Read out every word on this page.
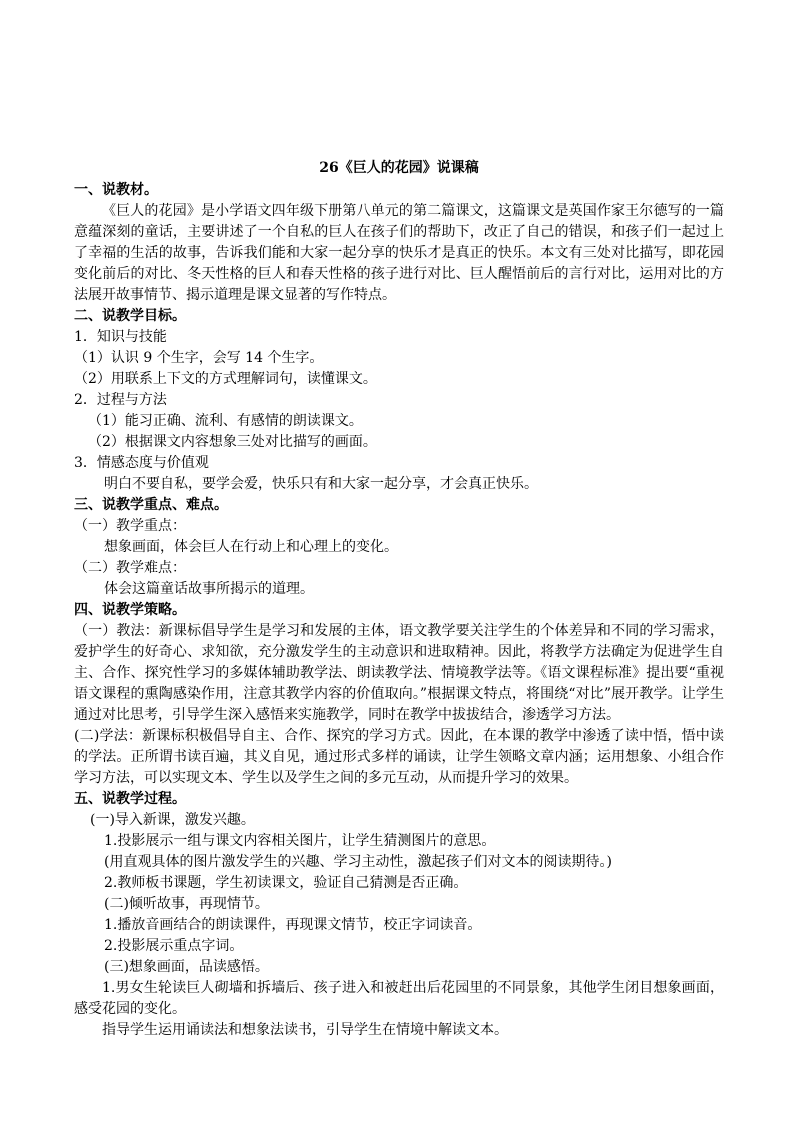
26《巨人的花园》说课稿

一、说教材。

《巨人的花园》是小学语文四年级下册第八单元的第二篇课文，这篇课文是英国作家王尔德写的一篇意蕴深刻的童话，主要讲述了一个自私的巨人在孩子们的帮助下，改正了自己的错误，和孩子们一起过上了幸福的生活的故事，告诉我们能和大家一起分享的快乐才是真正的快乐。本文有三处对比描写，即花园变化前后的对比、冬天性格的巨人和春天性格的孩子进行对比、巨人醒悟前后的言行对比，运用对比的方法展开故事情节、揭示道理是课文显著的写作特点。

二、说教学目标。

1．知识与技能

（1）认识 9 个生字，会写 14 个生字。

（2）用联系上下文的方式理解词句，读懂课文。

2．过程与方法

（1）能习正确、流利、有感情的朗读课文。

（2）根据课文内容想象三处对比描写的画面。

3．情感态度与价值观

明白不要自私，要学会爱，快乐只有和大家一起分享，才会真正快乐。

三、说教学重点、难点。

（一）教学重点：

想象画面，体会巨人在行动上和心理上的变化。

（二）教学难点：

体会这篇童话故事所揭示的道理。

四、说教学策略。

（一）教法：新课标倡导学生是学习和发展的主体，语文教学要关注学生的个体差异和不同的学习需求，爱护学生的好奇心、求知欲，充分激发学生的主动意识和进取精神。因此，将教学方法确定为促进学生自主、合作、探究性学习的多媒体辅助教学法、朗读教学法、情境教学法等。《语文课程标准》提出要“重视语文课程的熏陶感染作用，注意其教学内容的价值取向。”根据课文特点，将围绕“对比”展开教学。让学生通过对比思考，引导学生深入感悟来实施教学，同时在教学中拔拔结合，渗透学习方法。

(二)学法：新课标积极倡导自主、合作、探究的学习方式。因此，在本课的教学中渗透了读中悟，悟中读的学法。正所谓书读百遍，其义自见，通过形式多样的诵读，让学生领略文章内涵；运用想象、小组合作学习方法，可以实现文本、学生以及学生之间的多元互动，从而提升学习的效果。

五、说教学过程。

(一)导入新课，激发兴趣。

1.投影展示一组与课文内容相关图片，让学生猜测图片的意思。

(用直观具体的图片激发学生的兴趣、学习主动性，激起孩子们对文本的阅读期待。)

2.教师板书课题，学生初读课文，验证自己猜测是否正确。

(二)倾听故事，再现情节。

1.播放音画结合的朗读课件，再现课文情节，校正字词读音。

2.投影展示重点字词。

(三)想象画面，品读感悟。

1.男女生轮读巨人砌墙和拆墙后、孩子进入和被赶出后花园里的不同景象，其他学生闭目想象画面，感受花园的变化。

指导学生运用诵读法和想象法读书，引导学生在情境中解读文本。
